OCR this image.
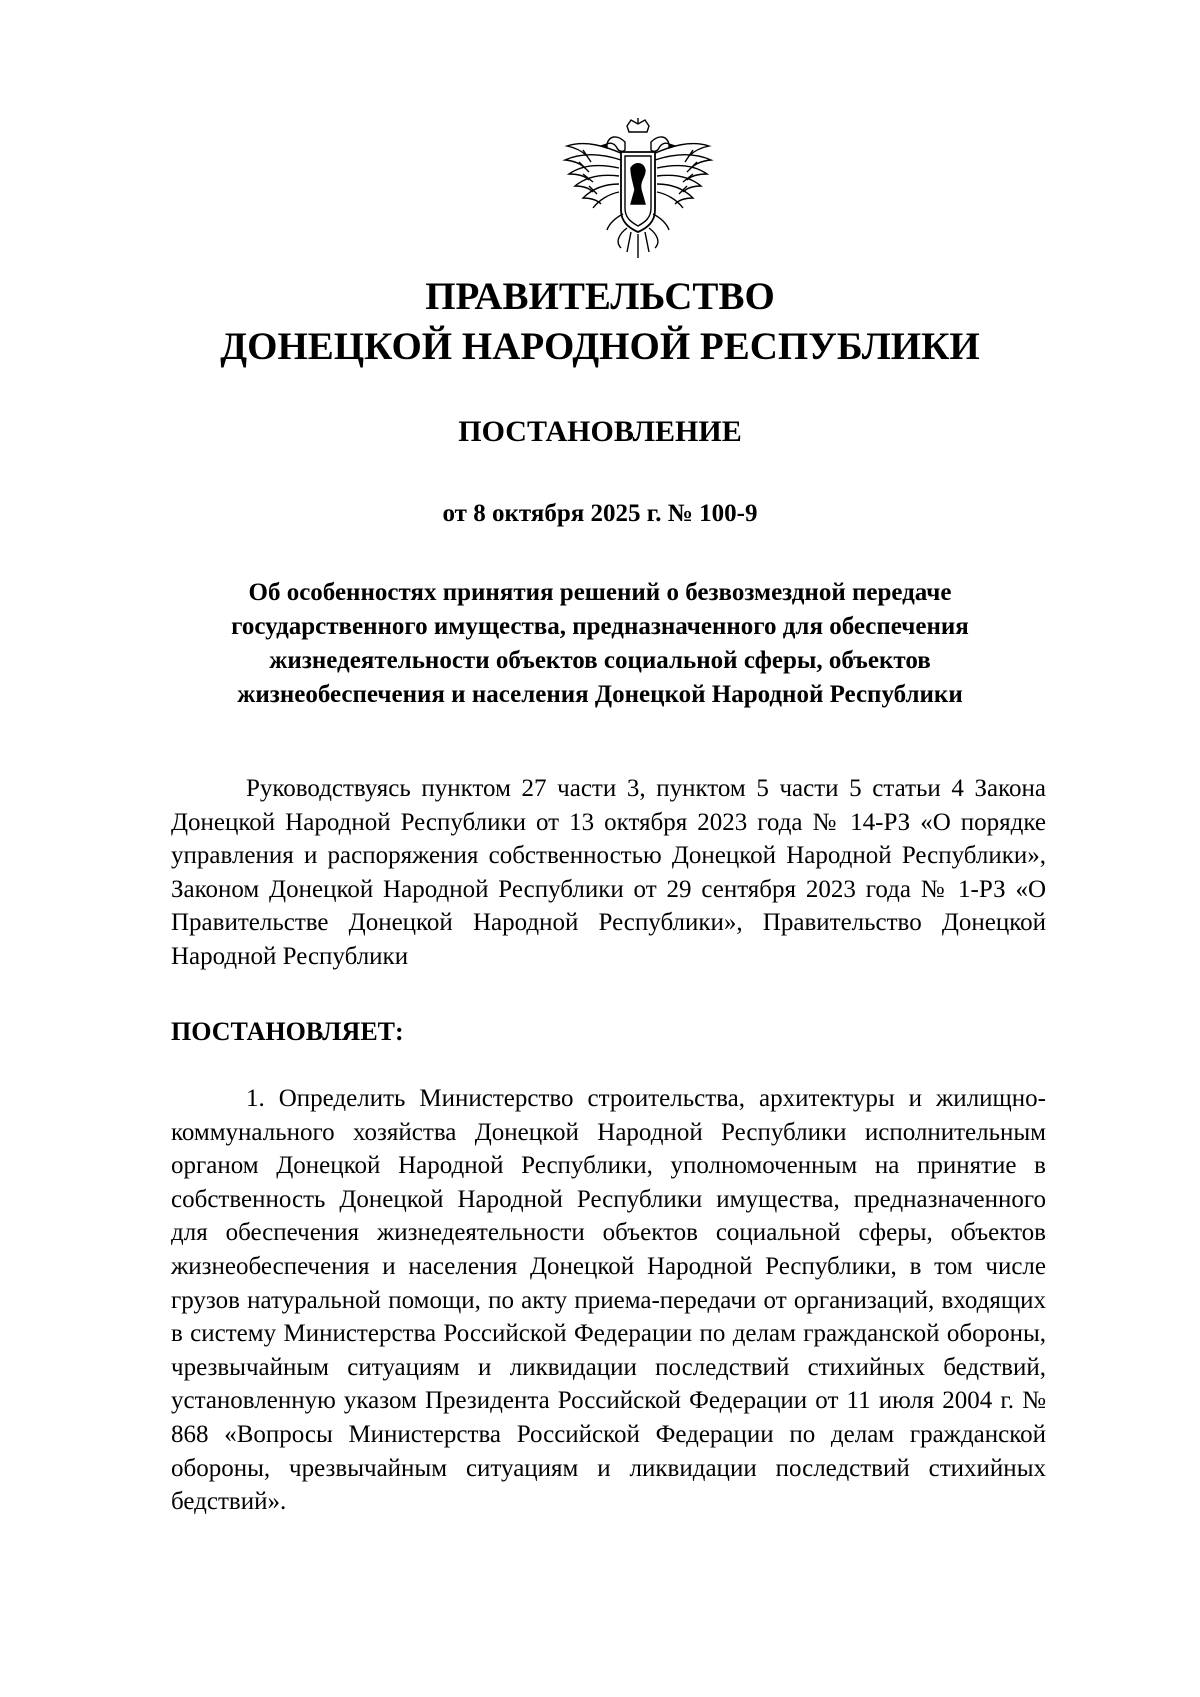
ПРАВИТЕЛЬСТВО
ДОНЕЦКОЙ НАРОДНОЙ РЕСПУБЛИКИ
ПОСТАНОВЛЕНИЕ
от 8 октября 2025 г. № 100-9
Об особенностях принятия решений о безвозмездной передаче
государственного имущества, предназначенного для обеспечения
жизнедеятельности объектов социальной сферы, объектов
жизнеобеспечения и населения Донецкой Народной Республики

Руководствуясь пунктом 27 части 3, пунктом 5 части 5 статьи 4 Закона Донецкой Народной Республики от 13 октября 2023 года № 14-РЗ «О порядке управления и распоряжения собственностью Донецкой Народной Республики», Законом Донецкой Народной Республики от 29 сентября 2023 года № 1-РЗ «О Правительстве Донецкой Народной Республики», Правительство Донецкой Народной Республики

ПОСТАНОВЛЯЕТ:

1. Определить Министерство строительства, архитектуры и жилищно-коммунального хозяйства Донецкой Народной Республики исполнительным органом Донецкой Народной Республики, уполномоченным на принятие в собственность Донецкой Народной Республики имущества, предназначенного для обеспечения жизнедеятельности объектов социальной сферы, объектов жизнеобеспечения и населения Донецкой Народной Республики, в том числе грузов натуральной помощи, по акту приема-передачи от организаций, входящих в систему Министерства Российской Федерации по делам гражданской обороны, чрезвычайным ситуациям и ликвидации последствий стихийных бедствий, установленную указом Президента Российской Федерации от 11 июля 2004 г. № 868 «Вопросы Министерства Российской Федерации по делам гражданской обороны, чрезвычайным ситуациям и ликвидации последствий стихийных бедствий».
